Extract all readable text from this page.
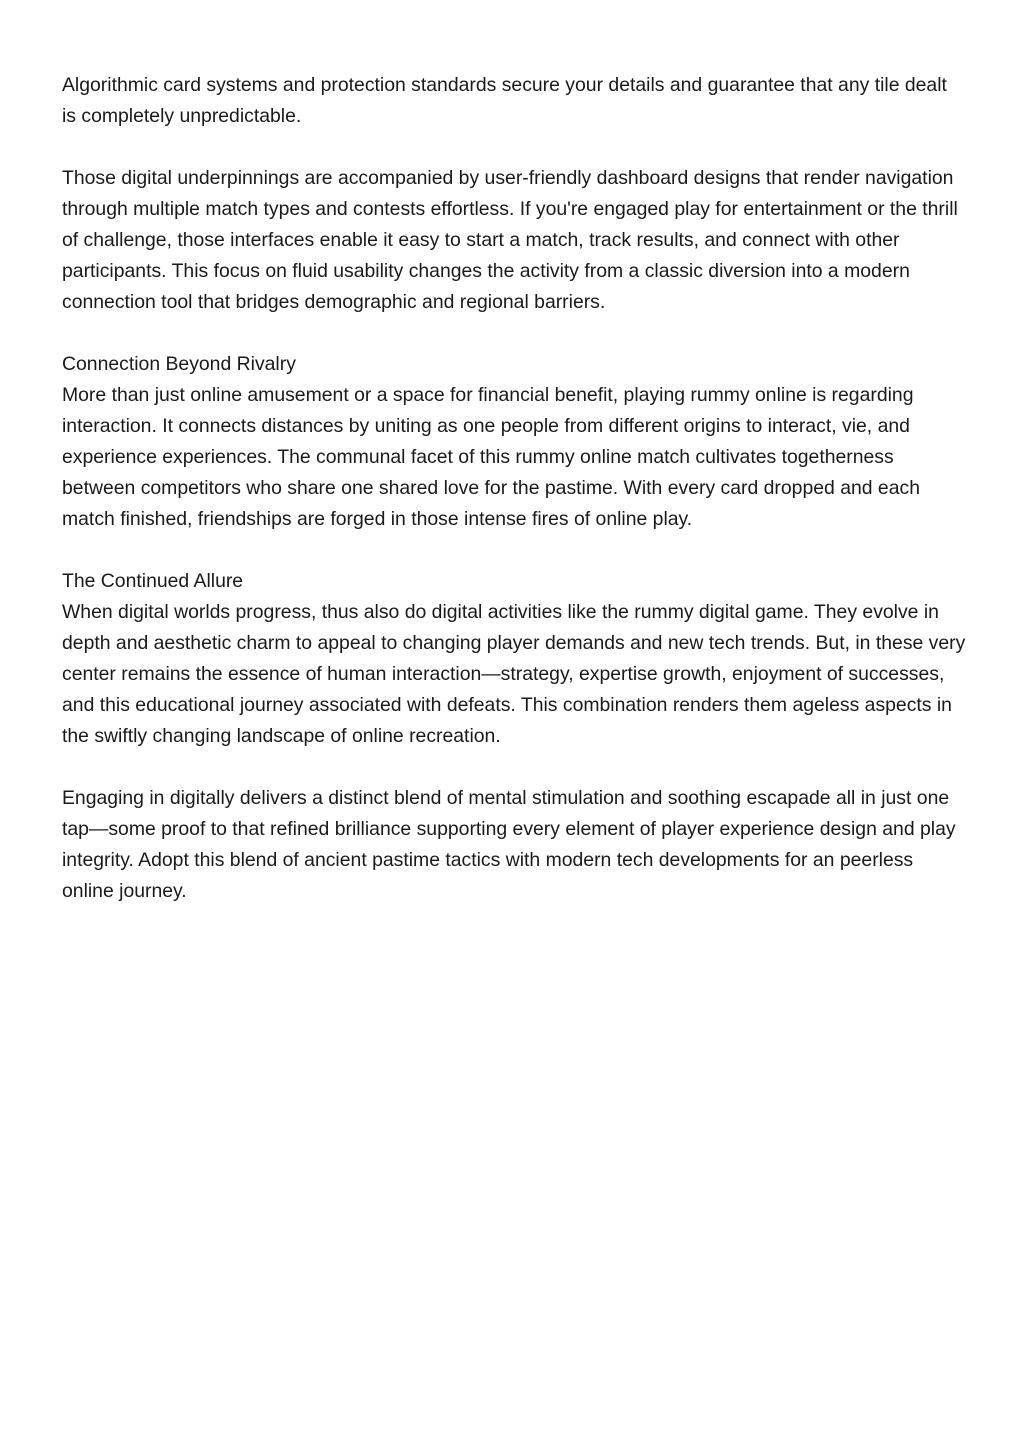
Algorithmic card systems and protection standards secure your details and guarantee that any tile dealt is completely unpredictable.

Those digital underpinnings are accompanied by user-friendly dashboard designs that render navigation through multiple match types and contests effortless. If you're engaged play for entertainment or the thrill of challenge, those interfaces enable it easy to start a match, track results, and connect with other participants. This focus on fluid usability changes the activity from a classic diversion into a modern connection tool that bridges demographic and regional barriers.

Connection Beyond Rivalry
More than just online amusement or a space for financial benefit, playing rummy online is regarding interaction. It connects distances by uniting as one people from different origins to interact, vie, and experience experiences. The communal facet of this rummy online match cultivates togetherness between competitors who share one shared love for the pastime. With every card dropped and each match finished, friendships are forged in those intense fires of online play.

The Continued Allure
When digital worlds progress, thus also do digital activities like the rummy digital game. They evolve in depth and aesthetic charm to appeal to changing player demands and new tech trends. But, in these very center remains the essence of human interaction—strategy, expertise growth, enjoyment of successes, and this educational journey associated with defeats. This combination renders them ageless aspects in the swiftly changing landscape of online recreation.

Engaging in digitally delivers a distinct blend of mental stimulation and soothing escapade all in just one tap—some proof to that refined brilliance supporting every element of player experience design and play integrity. Adopt this blend of ancient pastime tactics with modern tech developments for an peerless online journey.
